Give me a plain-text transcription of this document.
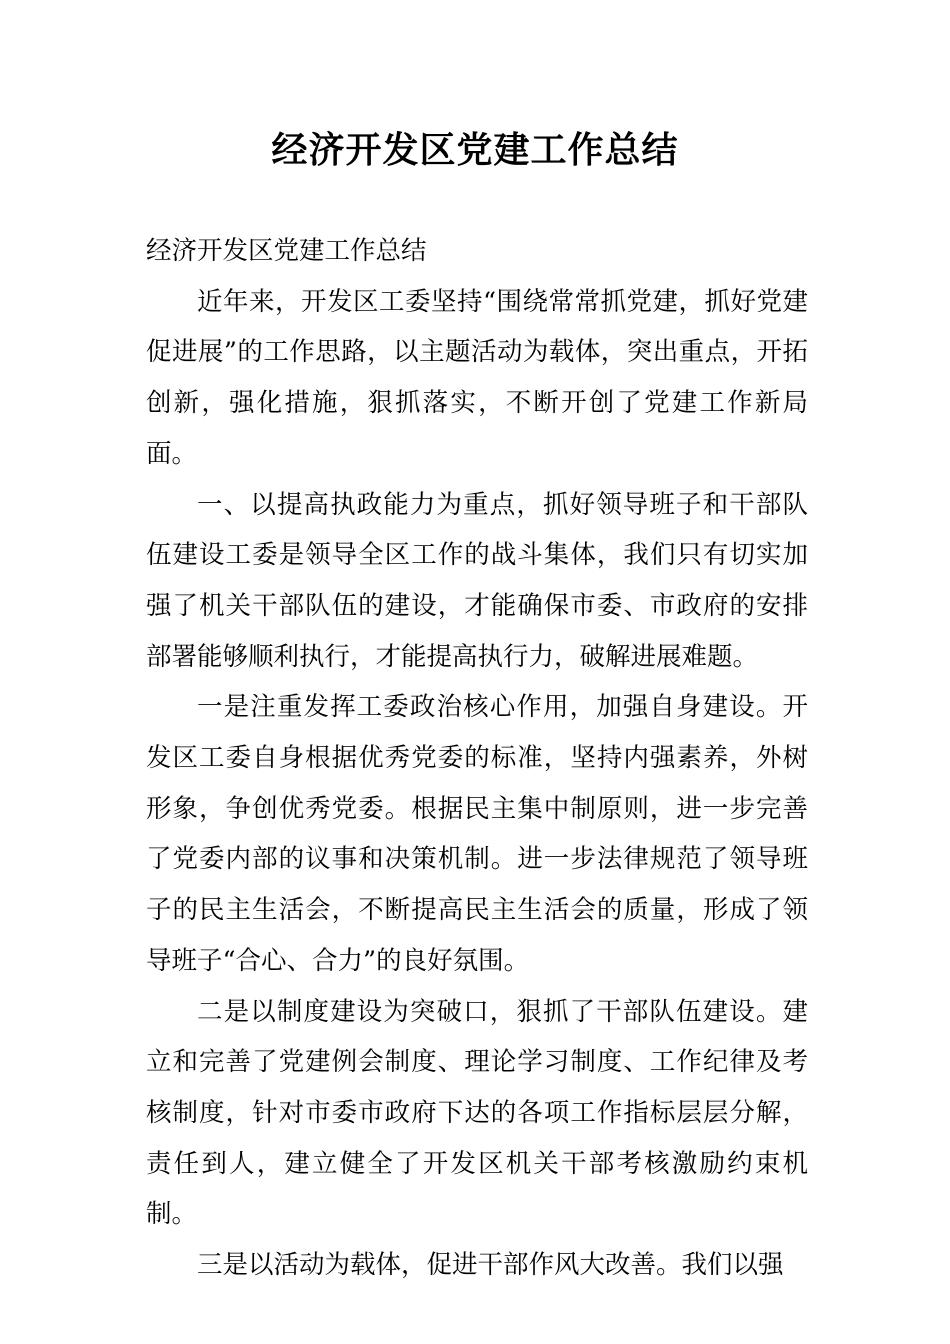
经济开发区党建工作总结

经济开发区党建工作总结

近年来，开发区工委坚持“围绕常常抓党建，抓好党建促进展”的工作思路，以主题活动为载体，突出重点，开拓创新，强化措施，狠抓落实，不断开创了党建工作新局面。

一、以提高执政能力为重点，抓好领导班子和干部队伍建设工委是领导全区工作的战斗集体，我们只有切实加强了机关干部队伍的建设，才能确保市委、市政府的安排部署能够顺利执行，才能提高执行力，破解进展难题。

一是注重发挥工委政治核心作用，加强自身建设。开发区工委自身根据优秀党委的标准，坚持内强素养，外树形象，争创优秀党委。根据民主集中制原则，进一步完善了党委内部的议事和决策机制。进一步法律规范了领导班子的民主生活会，不断提高民主生活会的质量，形成了领导班子“合心、合力”的良好氛围。

二是以制度建设为突破口，狠抓了干部队伍建设。建立和完善了党建例会制度、理论学习制度、工作纪律及考核制度，针对市委市政府下达的各项工作指标层层分解，责任到人，建立健全了开发区机关干部考核激励约束机制。

三是以活动为载体，促进干部作风大改善。我们以强
